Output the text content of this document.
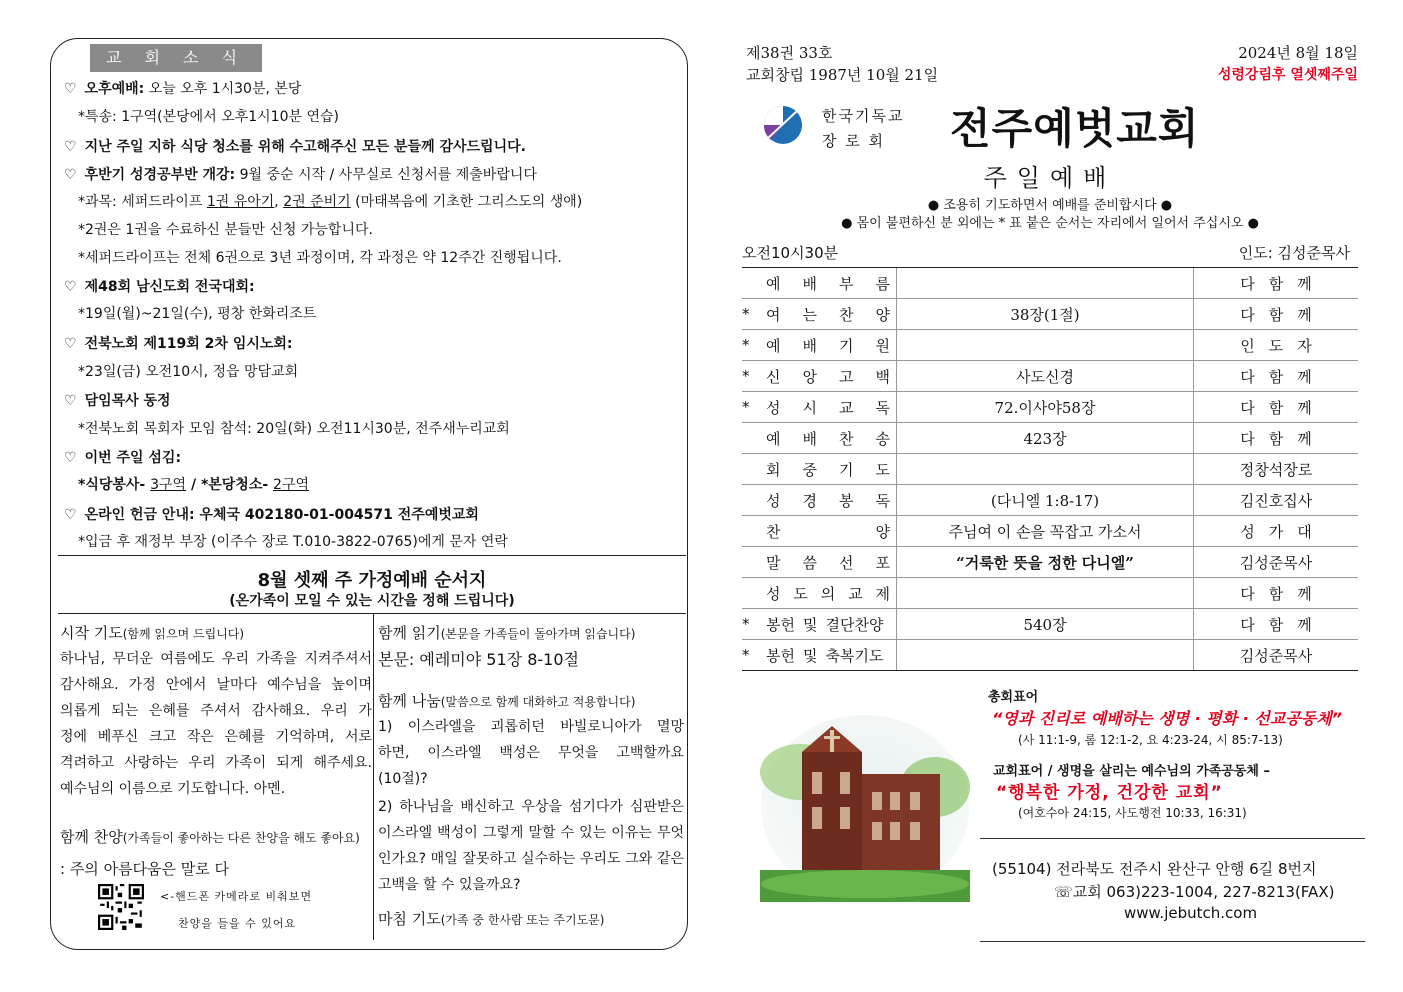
교 회 소 식
♡ 오후예배: 오늘 오후 1시30분, 본당
*특송: 1구역(본당에서 오후1시10분 연습)
♡ 지난 주일 지하 식당 청소를 위해 수고해주신 모든 분들께 감사드립니다.
♡ 후반기 성경공부반 개강: 9월 중순 시작 / 사무실로 신청서를 제출바랍니다
*과목: 세퍼드라이프 1권 유아기, 2권 준비기 (마태복음에 기초한 그리스도의 생애)
*2권은 1권을 수료하신 분들만 신청 가능합니다.
*세퍼드라이프는 전체 6권으로 3년 과정이며, 각 과정은 약 12주간 진행됩니다.
♡ 제48회 남신도회 전국대회:
*19일(월)~21일(수), 평창 한화리조트
♡ 전북노회 제119회 2차 임시노회:
*23일(금) 오전10시, 정읍 망담교회
♡ 담임목사 동정
*전북노회 목회자 모임 참석: 20일(화) 오전11시30분, 전주새누리교회
♡ 이번 주일 섬김:
*식당봉사- 3구역 / *본당청소- 2구역
♡ 온라인 헌금 안내: 우체국 402180-01-004571 전주예벗교회
*입금 후 재정부 부장 (이주수 장로 T.010-3822-0765)에게 문자 연락
8월 셋째 주 가정예배 순서지
(온가족이 모일 수 있는 시간을 정해 드립니다)
시작 기도(함께 읽으며 드립니다)
하나님, 무더운 여름에도 우리 가족을 지켜주셔서
감사해요. 가정 안에서 날마다 예수님을 높이며
의롭게 되는 은혜를 주셔서 감사해요. 우리 가
정에 베푸신 크고 작은 은혜를 기억하며, 서로
격려하고 사랑하는 우리 가족이 되게 해주세요.
예수님의 이름으로 기도합니다. 아멘.
함께 찬양(가족들이 좋아하는 다른 찬양을 해도 좋아요)
: 주의 아름다움은 말로 다
<-핸드폰 카메라로 비춰보면
찬양을 들을 수 있어요
함께 읽기(본문을 가족들이 돌아가며 읽습니다)
본문: 예레미야 51장 8-10절
함께 나눔(말씀으로 함께 대화하고 적용합니다)
1) 이스라엘을 괴롭히던 바빌로니아가 멸망
하면, 이스라엘 백성은 무엇을 고백할까요
(10절)?
2) 하나님을 배신하고 우상을 섬기다가 심판받은
이스라엘 백성이 그렇게 말할 수 있는 이유는 무엇
인가요? 매일 잘못하고 실수하는 우리도 그와 같은
고백을 할 수 있을까요?
마침 기도(가족 중 한사람 또는 주기도문)
제38권 33호
교회창립 1987년 10월 21일
2024년 8월 18일
성령강림후 열셋째주일
한국기독교
장 로 회	전주예벗교회
주일예배
● 조용히 기도하면서 예배를 준비합시다 ●
● 몸이 불편하신 분 외에는 * 표 붙은 순서는 자리에서 일어서 주십시오 ●
오전10시30분	인도: 김성준목사

예 배 부 름		다함께
*	여 는 찬 양	38장(1절)	다함께
*	예 배 기 원		인도자
*	신 앙 고 백	사도신경	다함께
*	성 시 교 독	72.이사야58장	다함께

예 배 찬 송	423장	다함께

회 중 기 도		정창석장로

성 경 봉 독	(다니엘 1:8-17)	김진호집사

찬 양	주님여 이 손을 꼭잡고 가소서	성가대

말 씀 선 포	“거룩한 뜻을 정한 다니엘”	김성준목사

성 도 의 교 제		다함께
*	봉헌 및 결단찬양	540장	다함께
*	봉헌 및 축복기도		김성준목사
총회표어
“영과 진리로 예배하는 생명 · 평화 · 선교공동체”
(사 11:1-9, 롬 12:1-2, 요 4:23-24, 시 85:7-13)
교회표어 / 생명을 살리는 예수님의 가족공동체 –
“행복한 가정, 건강한 교회”
(여호수아 24:15, 사도행전 10:33, 16:31)
(55104) 전라북도 전주시 완산구 안행 6길 8번지
☏교회 063)223-1004, 227-8213(FAX)
www.jebutch.com
